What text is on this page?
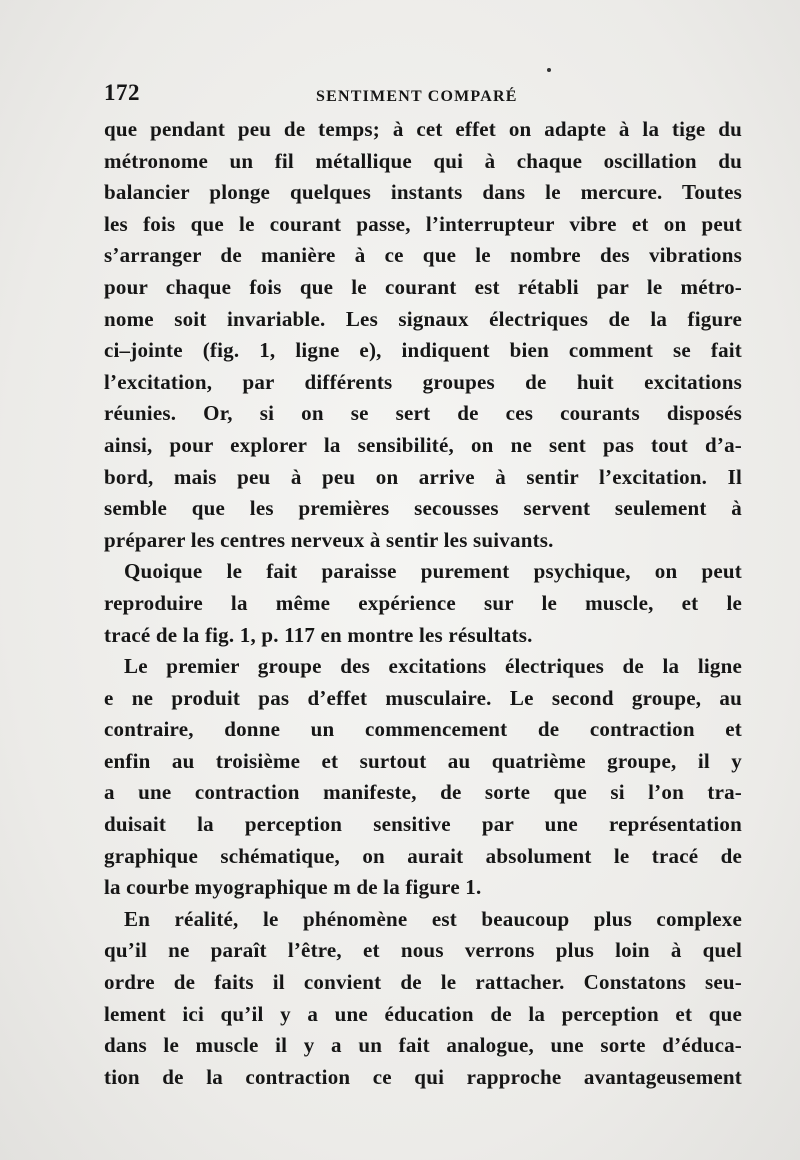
172	SENTIMENT COMPARÉ
que pendant peu de temps; à cet effet on adapte à la tige du
métronome un fil métallique qui à chaque oscillation du
balancier plonge quelques instants dans le mercure. Toutes
les fois que le courant passe, l’interrupteur vibre et on peut
s’arranger de manière à ce que le nombre des vibrations
pour chaque fois que le courant est rétabli par le métro-
nome soit invariable. Les signaux électriques de la figure
ci–jointe (fig. 1, ligne e), indiquent bien comment se fait
l’excitation, par différents groupes de huit excitations
réunies. Or, si on se sert de ces courants disposés
ainsi, pour explorer la sensibilité, on ne sent pas tout d’a-
bord, mais peu à peu on arrive à sentir l’excitation. Il
semble que les premières secousses servent seulement à
préparer les centres nerveux à sentir les suivants.
Quoique le fait paraisse purement psychique, on peut
reproduire la même expérience sur le muscle, et le
tracé de la fig. 1, p. 117 en montre les résultats.
Le premier groupe des excitations électriques de la ligne
e ne produit pas d’effet musculaire. Le second groupe, au
contraire, donne un commencement de contraction et
enfin au troisième et surtout au quatrième groupe, il y
a une contraction manifeste, de sorte que si l’on tra-
duisait la perception sensitive par une représentation
graphique schématique, on aurait absolument le tracé de
la courbe myographique m de la figure 1.
En réalité, le phénomène est beaucoup plus complexe
qu’il ne paraît l’être, et nous verrons plus loin à quel
ordre de faits il convient de le rattacher. Constatons seu-
lement ici qu’il y a une éducation de la perception et que
dans le muscle il y a un fait analogue, une sorte d’éduca-
tion de la contraction ce qui rapproche avantageusement
